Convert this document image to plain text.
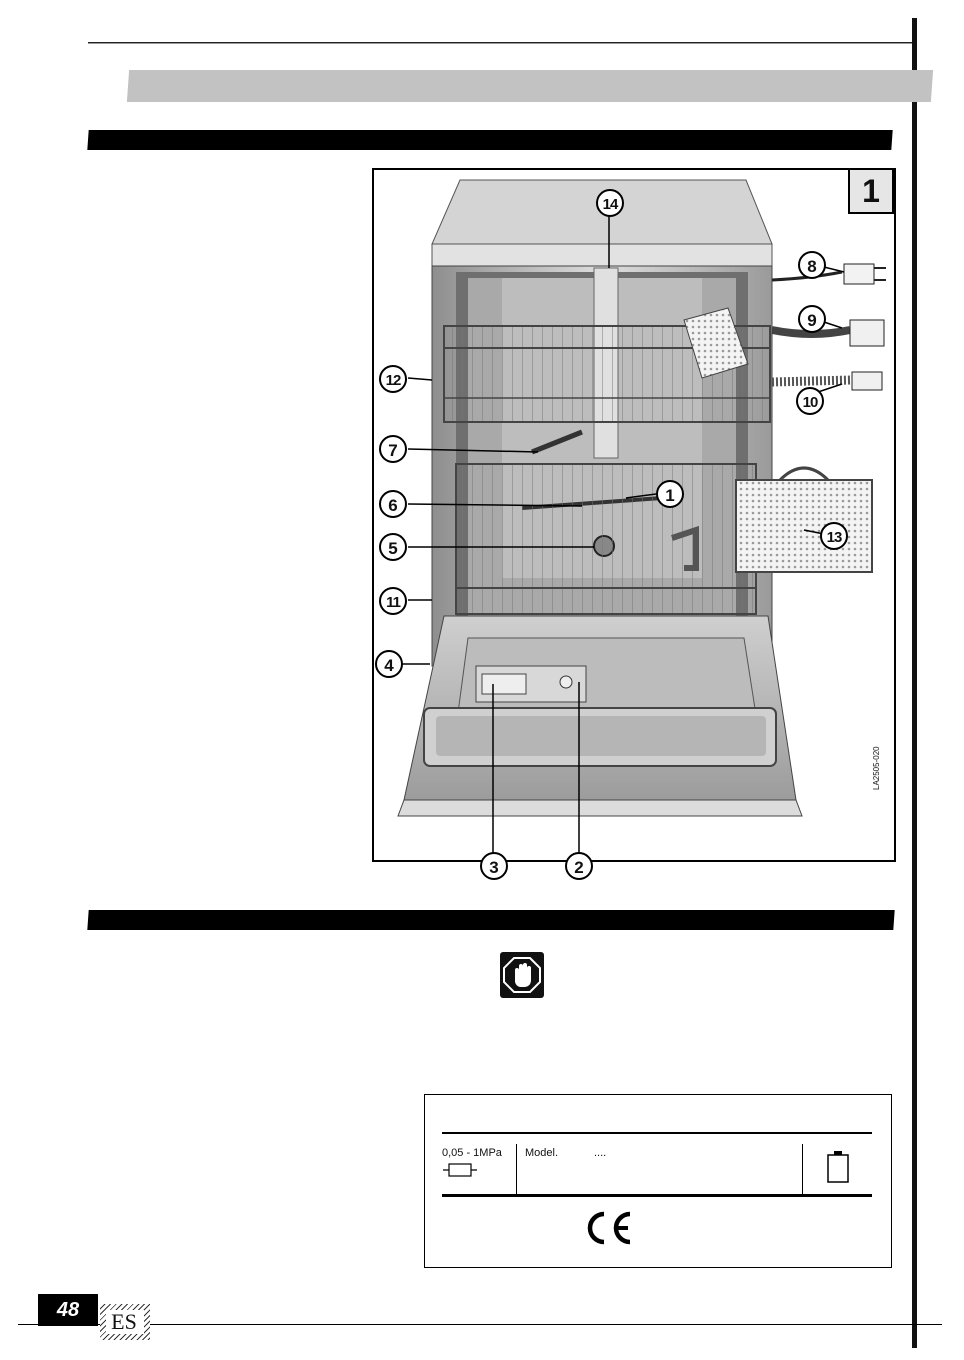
1
LA2505-020
1
2
3
4
5
6
7
8
9
10
11
12
13
14
0,05 - 1MPa Model.	....
48	ES
